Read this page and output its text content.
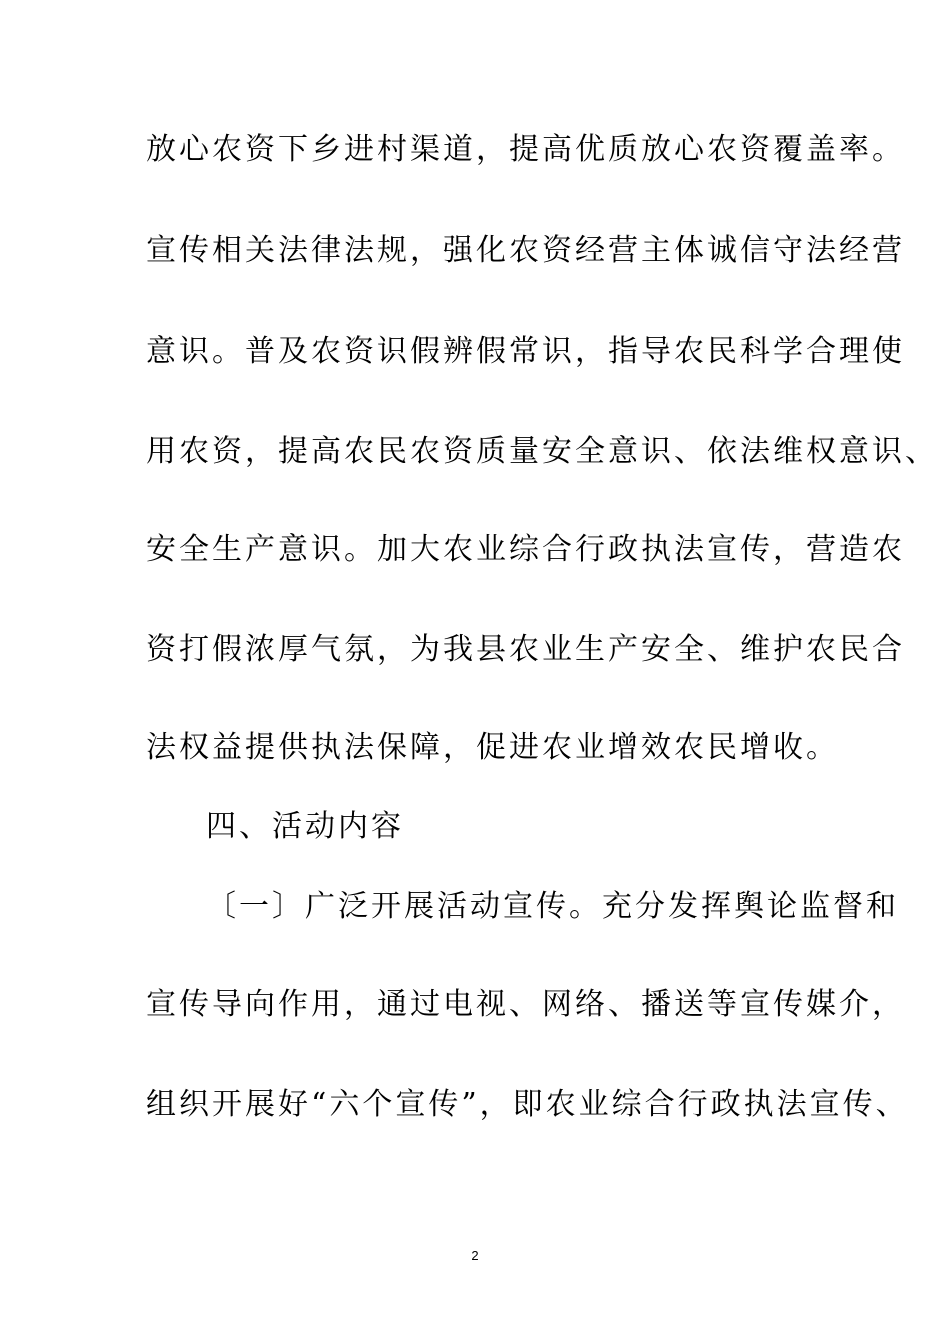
放心农资下乡进村渠道，提高优质放心农资覆盖率。
宣传相关法律法规，强化农资经营主体诚信守法经营
意识。普及农资识假辨假常识，指导农民科学合理使
用农资，提高农民农资质量安全意识、依法维权意识、
安全生产意识。加大农业综合行政执法宣传，营造农
资打假浓厚气氛，为我县农业生产安全、维护农民合
法权益提供执法保障，促进农业增效农民增收。
四、活动内容
〔一〕广泛开展活动宣传。充分发挥舆论监督和
宣传导向作用，通过电视、网络、播送等宣传媒介，
组织开展好“六个宣传”，即农业综合行政执法宣传、
2
